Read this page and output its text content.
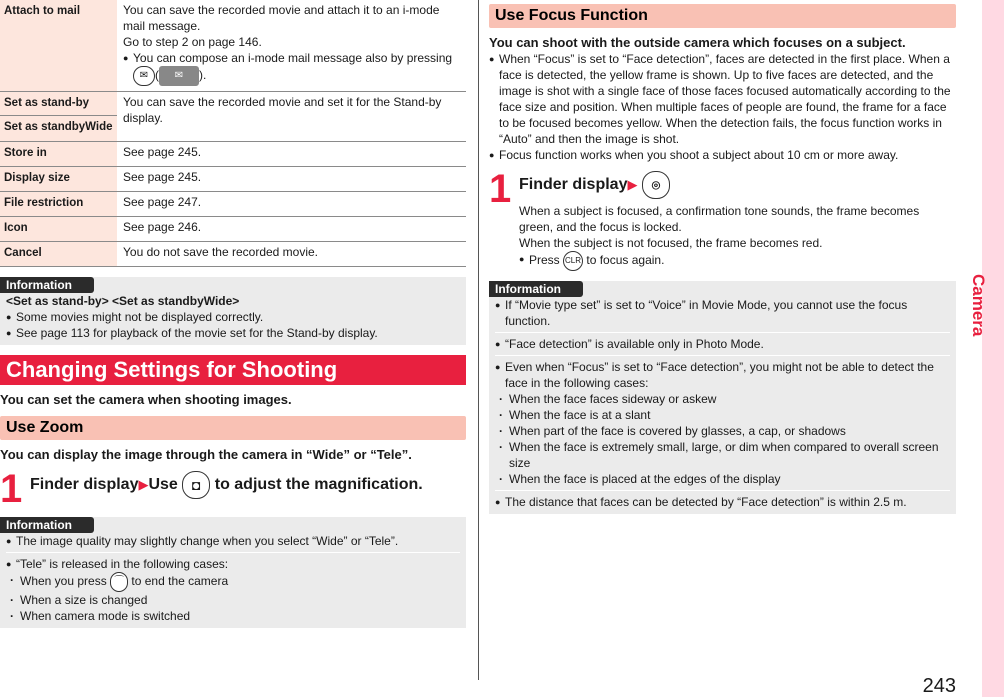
Attach to mail	You can save the recorded movie and attach it to an i-mode mail message.
Go to step 2 on page 146.
● You can compose an i-mode mail message also by pressing
✉ ( ✉ ).

Set as stand-by
Set as standbyWide	You can save the recorded movie and set it for the Stand-by display.
Store in	See page 245.
Display size	See page 245.
File restriction	See page 247.
Icon	See page 246.
Cancel	You do not save the recorded movie.
Information

<Set as stand-by> <Set as standbyWide>

● Some movies might not be displayed correctly.

● See page 113 for playback of the movie set for the Stand-by display.

Changing Settings for Shooting

You can set the camera when shooting images.

Use Zoom

You can display the image through the camera in “Wide” or “Tele”.

1 Finder display▶Use ◘ to adjust the magnification.
Information

● The image quality may slightly change when you select “Wide” or “Tele”.

● “Tele” is released in the following cases:

· When you press ⌒ to end the camera

· When a size is changed

· When camera mode is switched

Use Focus Function

You can shoot with the outside camera which focuses on a subject.

● When “Focus” is set to “Face detection”, faces are detected in the first place. When a face is detected, the yellow frame is shown. Up to five faces are detected, and the image is shot with a single face of those faces focused automatically according to the face size and position. When multiple faces of people are found, the frame for a face to be focused becomes yellow. When the detection fails, the focus function works in “Auto” and then the image is shot.

● Focus function works when you shoot a subject about 10 cm or more away.

1 Finder display▶ ⌾
When a subject is focused, a confirmation tone sounds, the frame becomes green, and the focus is locked.
When the subject is not focused, the frame becomes red.
● Press CLR to focus again.
Information

● If “Movie type set” is set to “Voice” in Movie Mode, you cannot use the focus function.

● “Face detection” is available only in Photo Mode.

● Even when “Focus” is set to “Face detection”, you might not be able to detect the face in the following cases:

· When the face faces sideway or askew

· When the face is at a slant

· When part of the face is covered by glasses, a cap, or shadows

· When the face is extremely small, large, or dim when compared to overall screen size

· When the face is placed at the edges of the display

● The distance that faces can be detected by “Face detection” is within 2.5 m.

Camera
243
